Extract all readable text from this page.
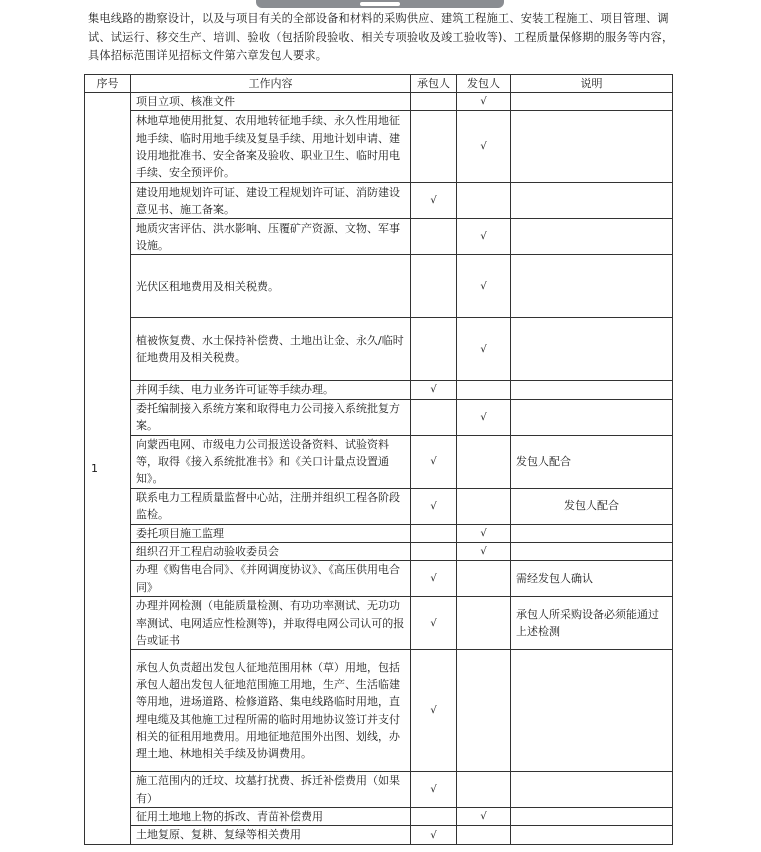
集电线路的勘察设计，以及与项目有关的全部设备和材料的采购供应、建筑工程施工、安装工程施工、项目管理、调试、试运行、移交生产、培训、验收（包括阶段验收、相关专项验收及竣工验收等)、工程质量保修期的服务等内容，具体招标范围详见招标文件第六章发包人要求。
序号	工作内容	承包人	发包人	说明
1	项目立项、核准文件		√	
	林地草地使用批复、农用地转征地手续、永久性用地征地手续、临时用地手续及复垦手续、用地计划申请、建设用地批准书、安全备案及验收、职业卫生、临时用电手续、安全预评价。		√	
	建设用地规划许可证、建设工程规划许可证、消防建设意见书、施工备案。	√		
	地质灾害评估、洪水影响、压覆矿产资源、文物、军事设施。		√	
	光伏区租地费用及相关税费。		√	
	植被恢复费、水土保持补偿费、土地出让金、永久/临时征地费用及相关税费。		√	
	并网手续、电力业务许可证等手续办理。	√		
	委托编制接入系统方案和取得电力公司接入系统批复方案。		√	
	向蒙西电网、市级电力公司报送设备资料、试验资料等，取得《接入系统批准书》和《关口计量点设置通知》。	√		发包人配合
	联系电力工程质量监督中心站，注册并组织工程各阶段监检。	√		发包人配合
	委托项目施工监理		√	
	组织召开工程启动验收委员会		√	
	办理《购售电合同》、《并网调度协议》、《高压供用电合同》	√		需经发包人确认
	办理并网检测（电能质量检测、有功功率测试、无功功率测试、电网适应性检测等)，并取得电网公司认可的报告或证书	√		承包人所采购设备必须能通过上述检测
	承包人负责超出发包人征地范围用林（草）用地，包括承包人超出发包人征地范围施工用地，生产、生活临建等用地，进场道路、检修道路、集电线路临时用地，直埋电缆及其他施工过程所需的临时用地协议签订并支付相关的征租用地费用。用地征地范围外出图、划线，办理土地、林地相关手续及协调费用。	√		
	施工范围内的迁坟、坟墓打扰费、拆迁补偿费用（如果有）	√		
	征用土地地上物的拆改、青苗补偿费用		√	
	土地复原、复耕、复绿等相关费用	√		
